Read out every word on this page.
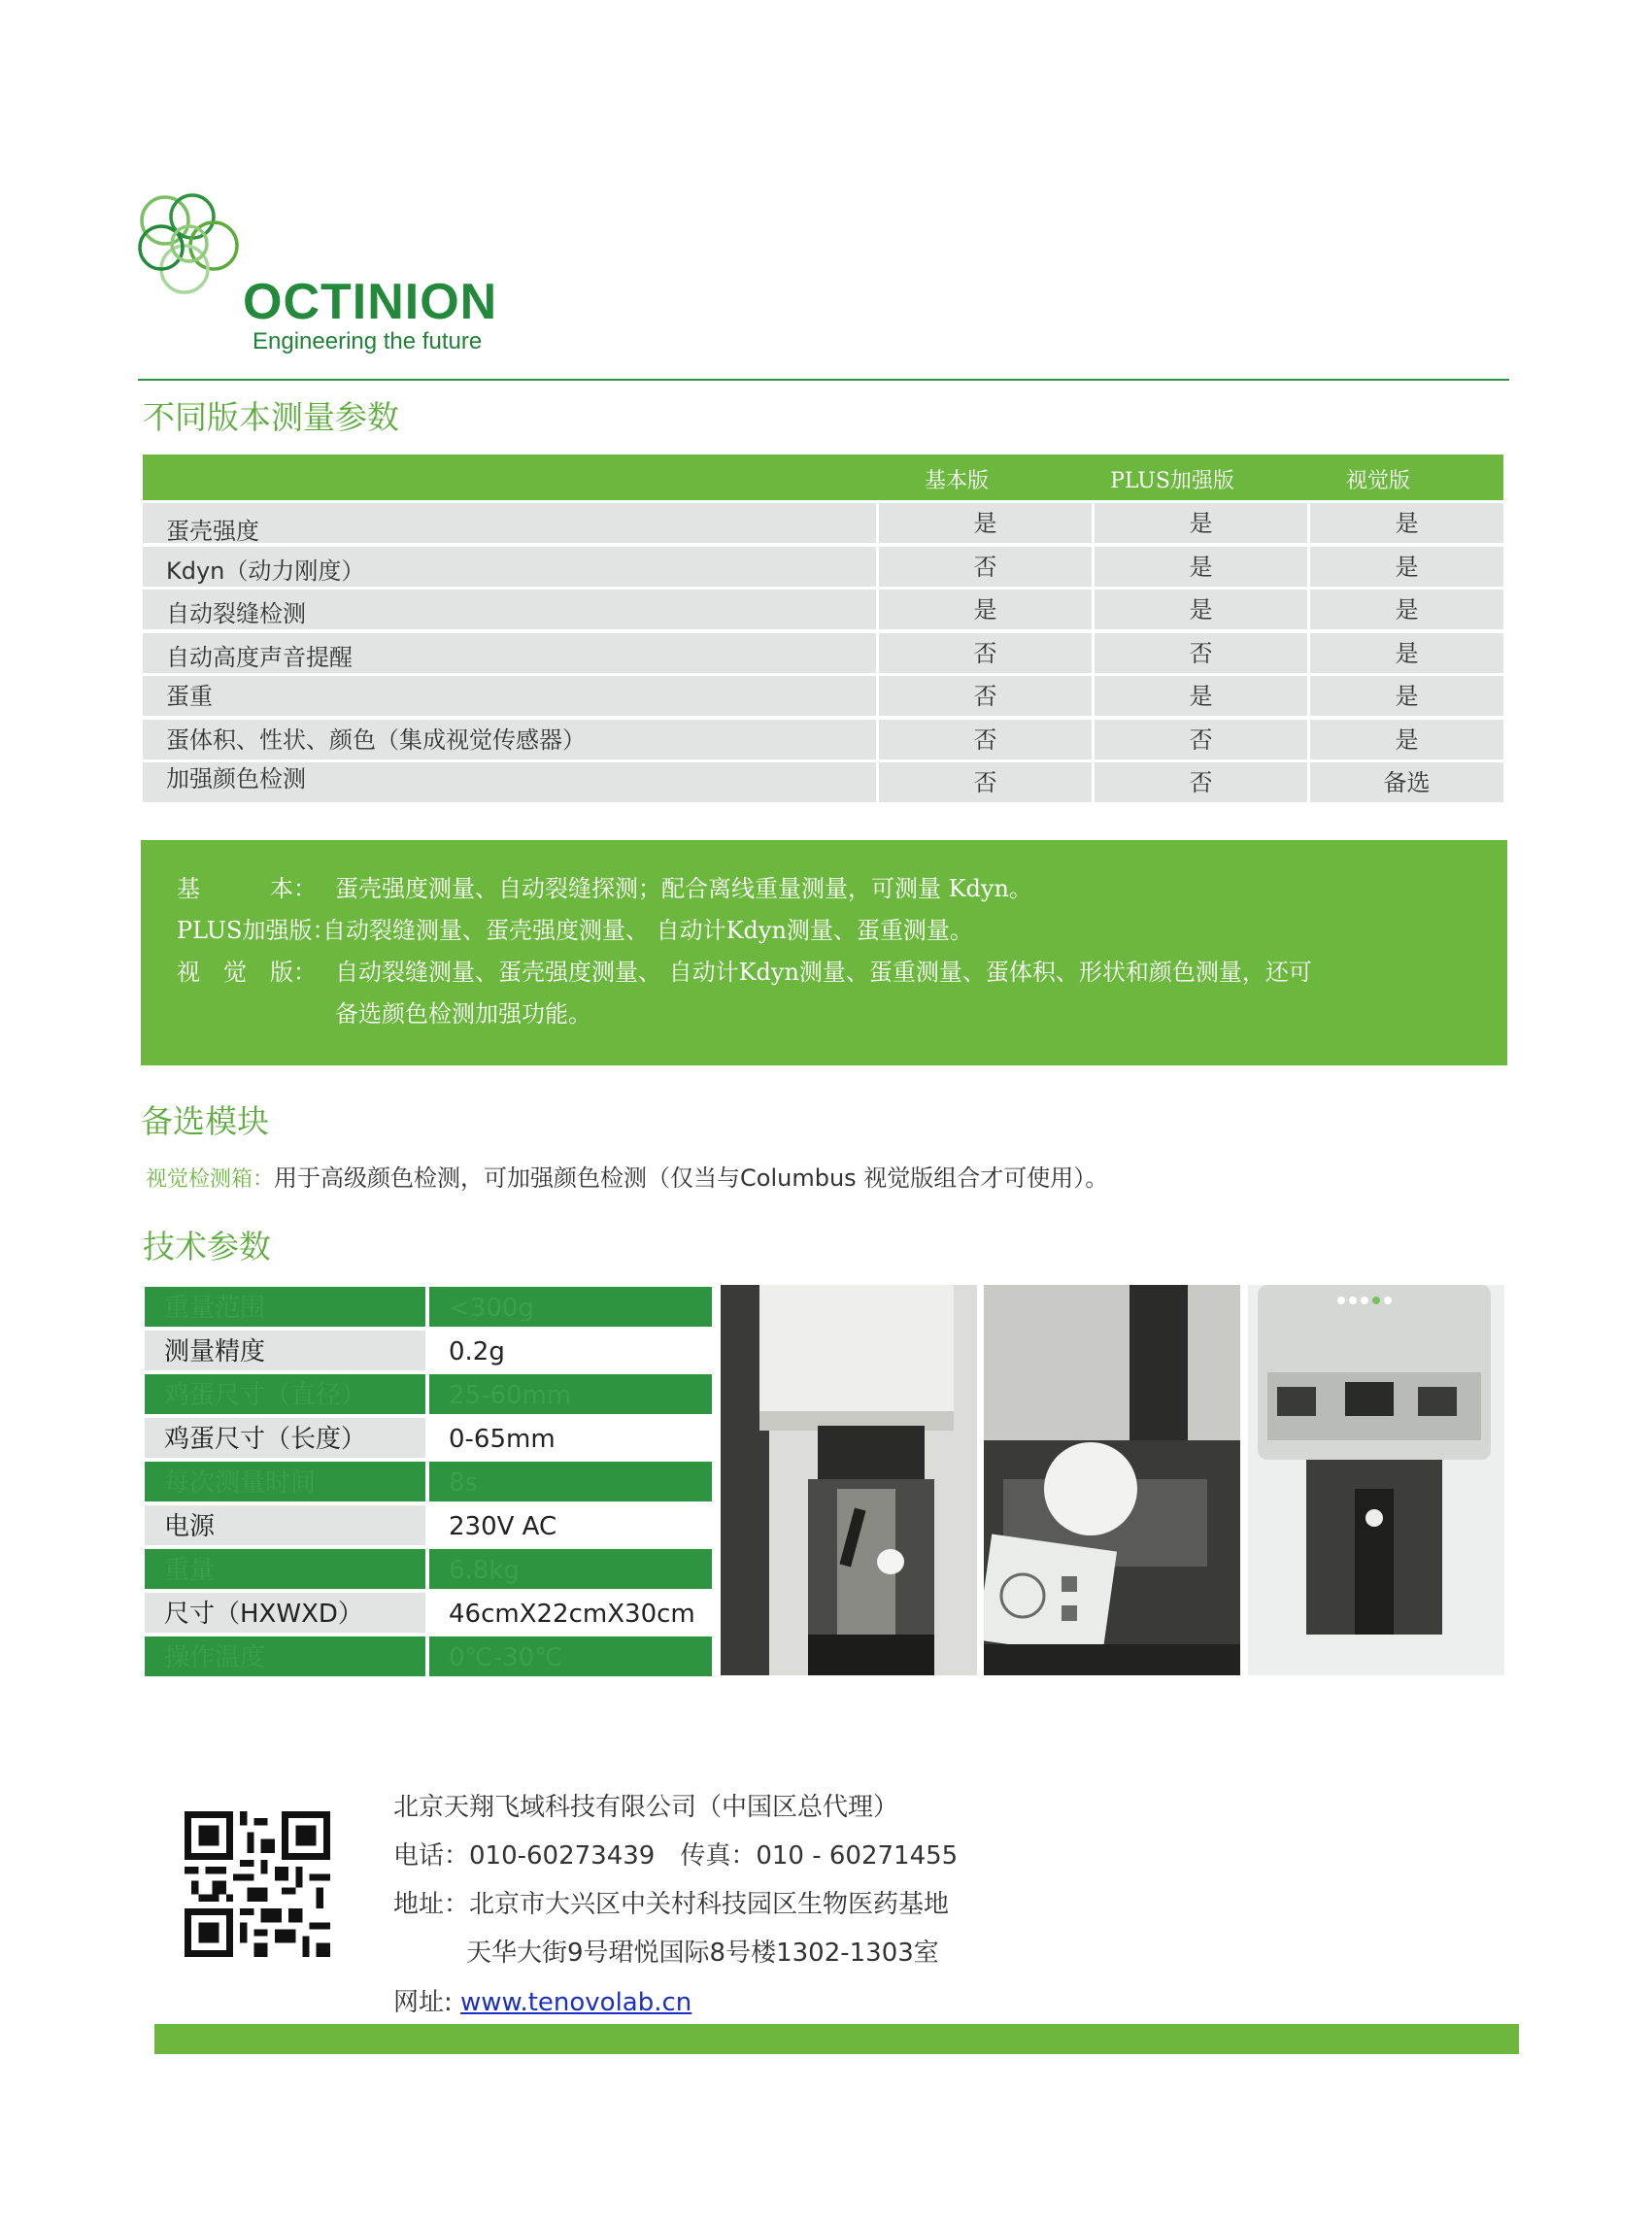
OCTINION
Engineering the future
不同版本测量参数
基本版	PLUS加强版	视觉版
蛋壳强度	是	是	是
Kdyn（动力刚度）	否	是	是
自动裂缝检测	是	是	是
自动高度声音提醒	否	否	是
蛋重	否	是	是
蛋体积、性状、颜色（集成视觉传感器）	否	否	是
加强颜色检测	否	否	备选
基　　　本： 蛋壳强度测量、自动裂缝探测；配合离线重量测量，可测量 Kdyn。
PLUS加强版：
自动裂缝测量、蛋壳强度测量、 自动计Kdyn测量、蛋重测量。
视　觉　版： 自动裂缝测量、蛋壳强度测量、 自动计Kdyn测量、蛋重测量、蛋体积、形状和颜色测量，还可
备选颜色检测加强功能。
备选模块
视觉检测箱：用于高级颜色检测，可加强颜色检测（仅当与Columbus 视觉版组合才可使用）。
技术参数
重量范围	<300g
测量精度	0.2g
鸡蛋尺寸（直径）	25-60mm
鸡蛋尺寸（长度）	0-65mm
每次测量时间	8s
电源	230V AC
重量	6.8kg
尺寸（HXWXD）	46cmX22cmX30cm
操作温度	0℃-30℃
北京天翔飞域科技有限公司（中国区总代理）
电话：010-60273439　传真：010 - 60271455
地址：北京市大兴区中关村科技园区生物医药基地
天华大街9号珺悦国际8号楼1302-1303室
网址: www.tenovolab.cn
